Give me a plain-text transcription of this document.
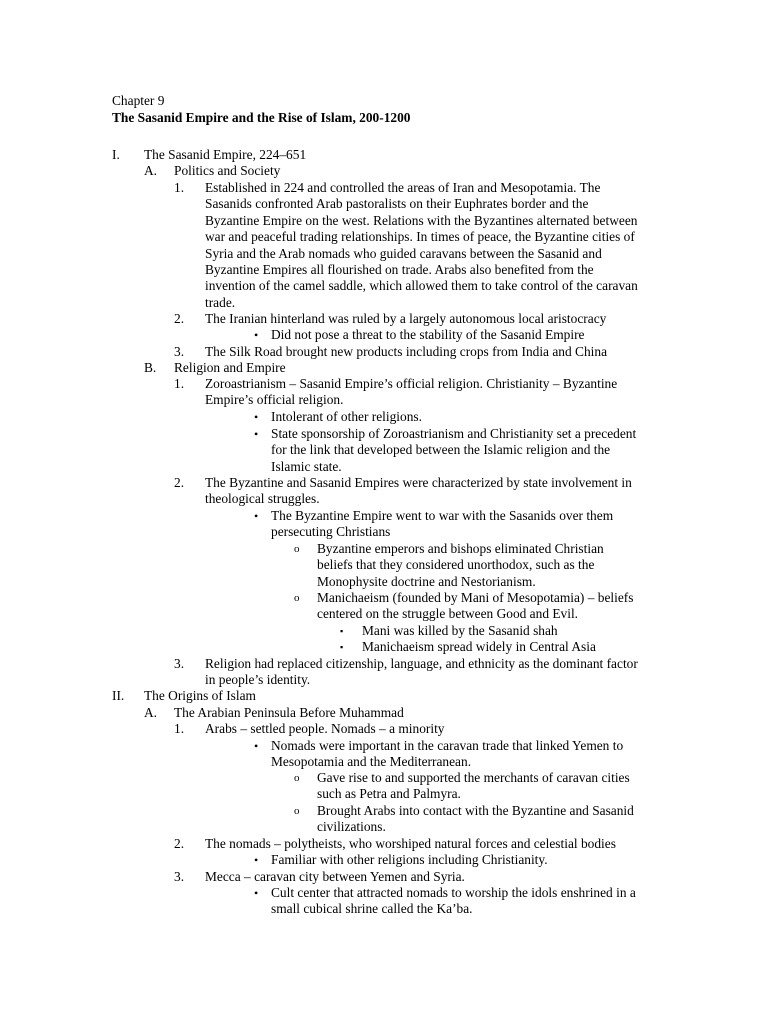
Chapter 9
The Sasanid Empire and the Rise of Islam, 200-1200
I. The Sasanid Empire, 224–651
A. Politics and Society
1. Established in 224 and controlled the areas of Iran and Mesopotamia. The
Sasanids confronted Arab pastoralists on their Euphrates border and the
Byzantine Empire on the west. Relations with the Byzantines alternated between
war and peaceful trading relationships. In times of peace, the Byzantine cities of
Syria and the Arab nomads who guided caravans between the Sasanid and
Byzantine Empires all flourished on trade. Arabs also benefited from the
invention of the camel saddle, which allowed them to take control of the caravan
trade.
2. The Iranian hinterland was ruled by a largely autonomous local aristocracy
• Did not pose a threat to the stability of the Sasanid Empire
3. The Silk Road brought new products including crops from India and China
B. Religion and Empire
1. Zoroastrianism – Sasanid Empire’s official religion. Christianity – Byzantine
Empire’s official religion.
• Intolerant of other religions.
• State sponsorship of Zoroastrianism and Christianity set a precedent
for the link that developed between the Islamic religion and the
Islamic state.
2. The Byzantine and Sasanid Empires were characterized by state involvement in
theological struggles.
• The Byzantine Empire went to war with the Sasanids over them
persecuting Christians
o Byzantine emperors and bishops eliminated Christian
beliefs that they considered unorthodox, such as the
Monophysite doctrine and Nestorianism.
o Manichaeism (founded by Mani of Mesopotamia) – beliefs
centered on the struggle between Good and Evil.
▪ Mani was killed by the Sasanid shah
▪ Manichaeism spread widely in Central Asia
3. Religion had replaced citizenship, language, and ethnicity as the dominant factor
in people’s identity.
II. The Origins of Islam
A. The Arabian Peninsula Before Muhammad
1. Arabs – settled people. Nomads – a minority
• Nomads were important in the caravan trade that linked Yemen to
Mesopotamia and the Mediterranean.
o Gave rise to and supported the merchants of caravan cities
such as Petra and Palmyra.
o Brought Arabs into contact with the Byzantine and Sasanid
civilizations.
2. The nomads – polytheists, who worshiped natural forces and celestial bodies
• Familiar with other religions including Christianity.
3. Mecca – caravan city between Yemen and Syria.
• Cult center that attracted nomads to worship the idols enshrined in a
small cubical shrine called the Ka’ba.
